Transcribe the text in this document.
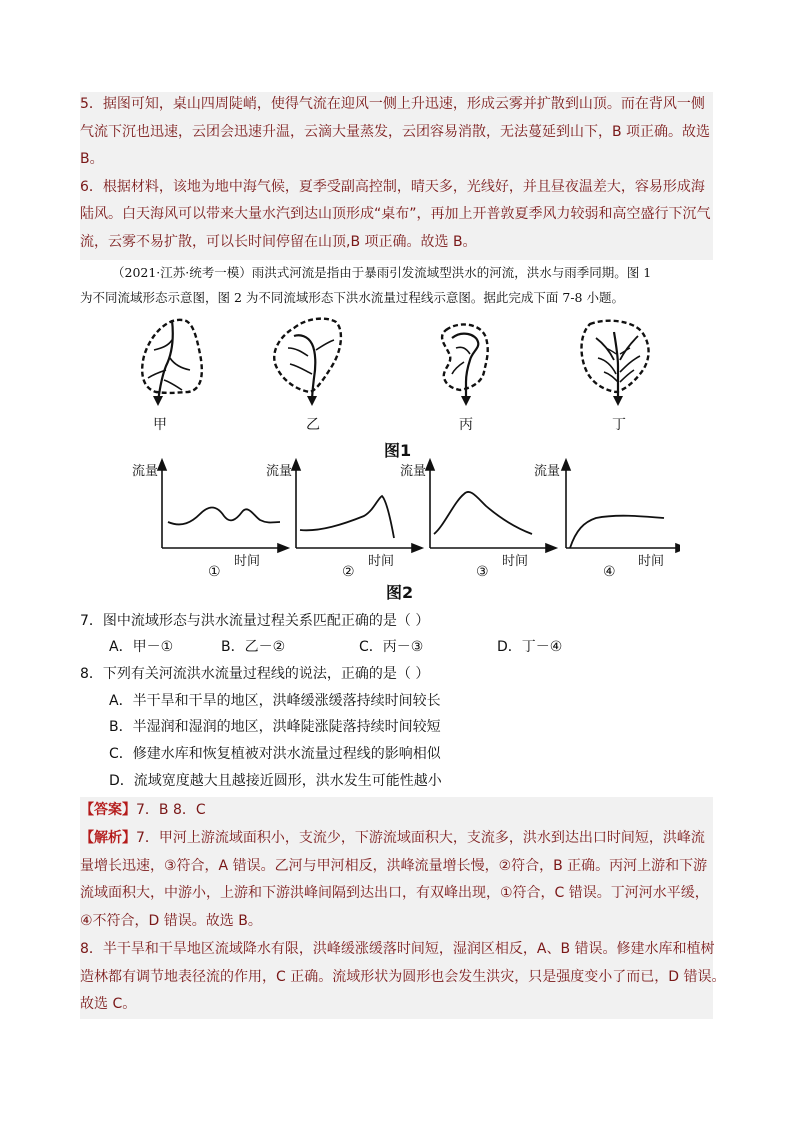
5．据图可知，桌山四周陡峭，使得气流在迎风一侧上升迅速，形成云雾并扩散到山顶。而在背风一侧
气流下沉也迅速，云团会迅速升温，云滴大量蒸发，云团容易消散，无法蔓延到山下，B 项正确。故选
B。
6．根据材料，该地为地中海气候，夏季受副高控制，晴天多，光线好，并且昼夜温差大，容易形成海
陆风。白天海风可以带来大量水汽到达山顶形成“桌布”，再加上开普敦夏季风力较弱和高空盛行下沉气
流，云雾不易扩散，可以长时间停留在山顶,B 项正确。故选 B。
（2021·江苏·统考一模）雨洪式河流是指由于暴雨引发流域型洪水的河流，洪水与雨季同期。图 1
为不同流域形态示意图，图 2 为不同流域形态下洪水流量过程线示意图。据此完成下面 7-8 小题。
甲	乙	丙	丁
图1
流量	流量	流量	流量
时间	时间	时间	时间
①	②	③	④
图2
7．图中流域形态与洪水流量过程关系匹配正确的是（ ）
A．甲－①	B．乙－②	C．丙－③	D．丁－④
8．下列有关河流洪水流量过程线的说法，正确的是（ ）
A．半干旱和干旱的地区，洪峰缓涨缓落持续时间较长
B．半湿润和湿润的地区，洪峰陡涨陡落持续时间较短
C．修建水库和恢复植被对洪水流量过程线的影响相似
D．流域宽度越大且越接近圆形，洪水发生可能性越小
【答案】7．B 8．C
【解析】7．甲河上游流域面积小，支流少，下游流域面积大，支流多，洪水到达出口时间短，洪峰流
量增长迅速，③符合，A 错误。乙河与甲河相反，洪峰流量增长慢，②符合，B 正确。丙河上游和下游
流域面积大，中游小，上游和下游洪峰间隔到达出口，有双峰出现，①符合，C 错误。丁河河水平缓，
④不符合，D 错误。故选 B。
8．半干旱和干旱地区流域降水有限，洪峰缓涨缓落时间短，湿润区相反，A、B 错误。修建水库和植树
造林都有调节地表径流的作用，C 正确。流域形状为圆形也会发生洪灾，只是强度变小了而已，D 错误。
故选 C。
